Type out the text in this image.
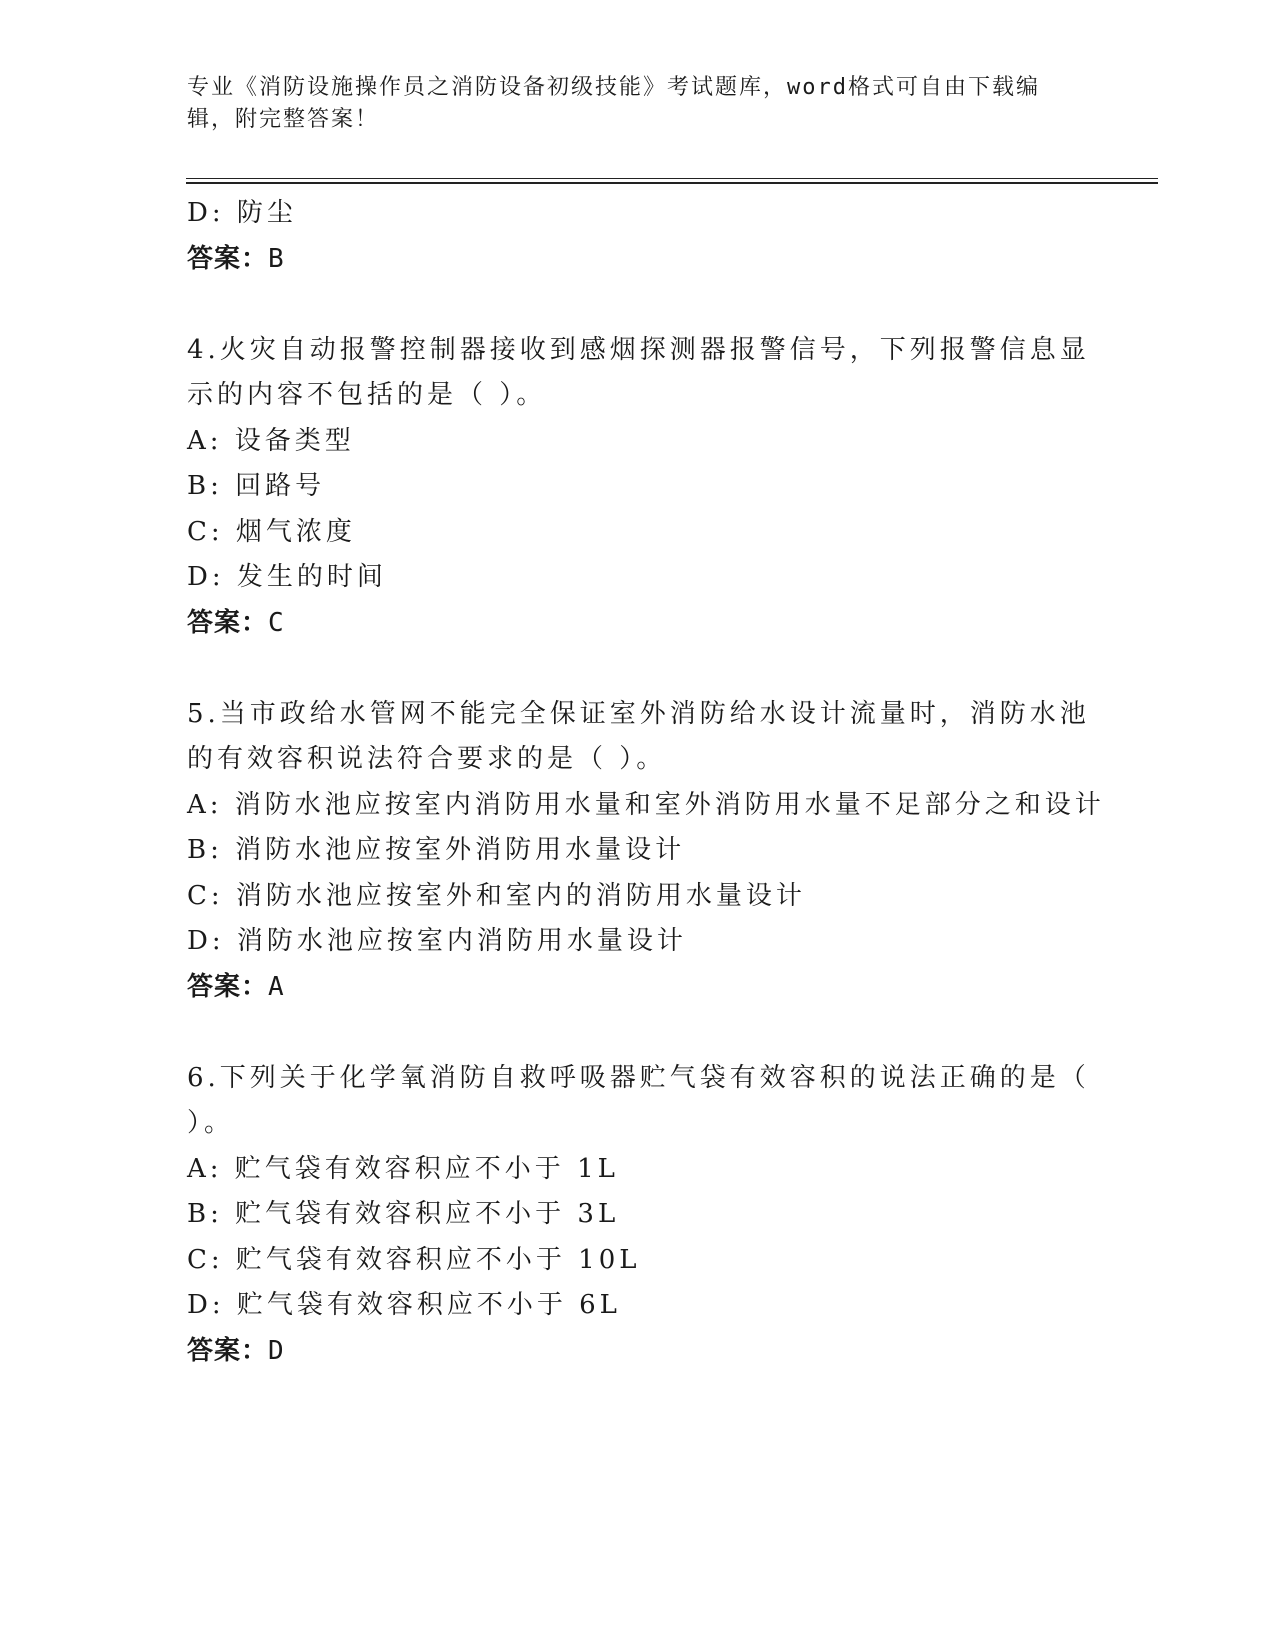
专业《消防设施操作员之消防设备初级技能》考试题库，word格式可自由下载编
辑，附完整答案！
D: 防尘
答案：B
4.火灾自动报警控制器接收到感烟探测器报警信号，下列报警信息显
示的内容不包括的是（ ）。
A: 设备类型
B: 回路号
C: 烟气浓度
D: 发生的时间
答案：C
5.当市政给水管网不能完全保证室外消防给水设计流量时，消防水池
的有效容积说法符合要求的是（ ）。
A: 消防水池应按室内消防用水量和室外消防用水量不足部分之和设计
B: 消防水池应按室外消防用水量设计
C: 消防水池应按室外和室内的消防用水量设计
D: 消防水池应按室内消防用水量设计
答案：A
6.下列关于化学氧消防自救呼吸器贮气袋有效容积的说法正确的是（
）。
A: 贮气袋有效容积应不小于 1L
B: 贮气袋有效容积应不小于 3L
C: 贮气袋有效容积应不小于 10L
D: 贮气袋有效容积应不小于 6L
答案：D
